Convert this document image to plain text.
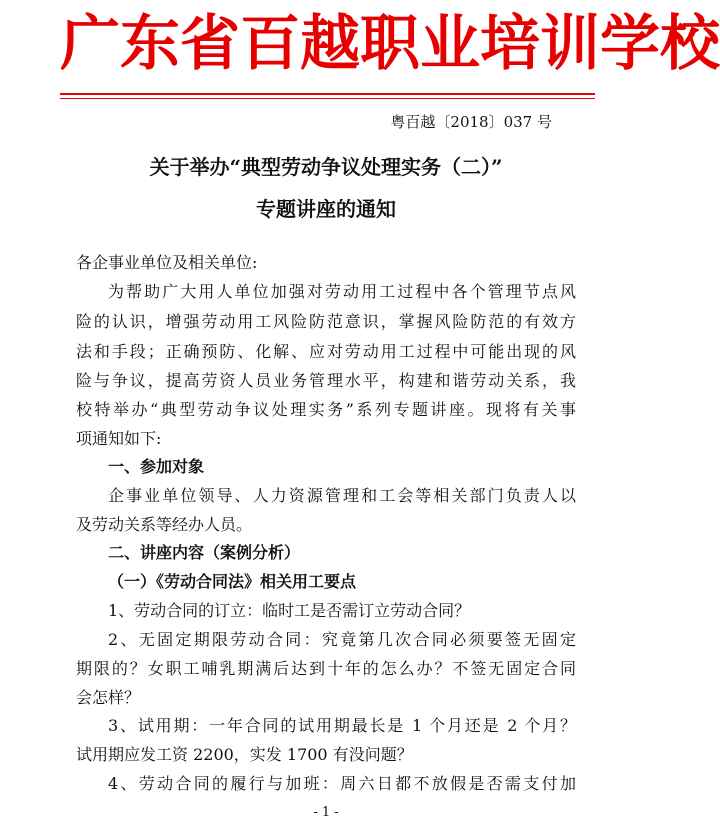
广东省百越职业培训学校
粤百越〔2018〕037 号
关于举办“典型劳动争议处理实务（二）”
专题讲座的通知
各企事业单位及相关单位:
为帮助广大用人单位加强对劳动用工过程中各个管理节点风
险的认识，增强劳动用工风险防范意识，掌握风险防范的有效方
法和手段；正确预防、化解、应对劳动用工过程中可能出现的风
险与争议，提高劳资人员业务管理水平，构建和谐劳动关系，我
校特举办“典型劳动争议处理实务”系列专题讲座。现将有关事
项通知如下:
一、参加对象
企事业单位领导、人力资源管理和工会等相关部门负责人以
及劳动关系等经办人员。
二、讲座内容（案例分析）
（一）《劳动合同法》相关用工要点
1、劳动合同的订立：临时工是否需订立劳动合同？
2、无固定期限劳动合同：究竟第几次合同必须要签无固定
期限的？女职工哺乳期满后达到十年的怎么办？不签无固定合同
会怎样？
3、试用期：一年合同的试用期最长是 1 个月还是 2 个月？
试用期应发工资 2200，实发 1700 有没问题？
4、劳动合同的履行与加班：周六日都不放假是否需支付加
- 1 -
